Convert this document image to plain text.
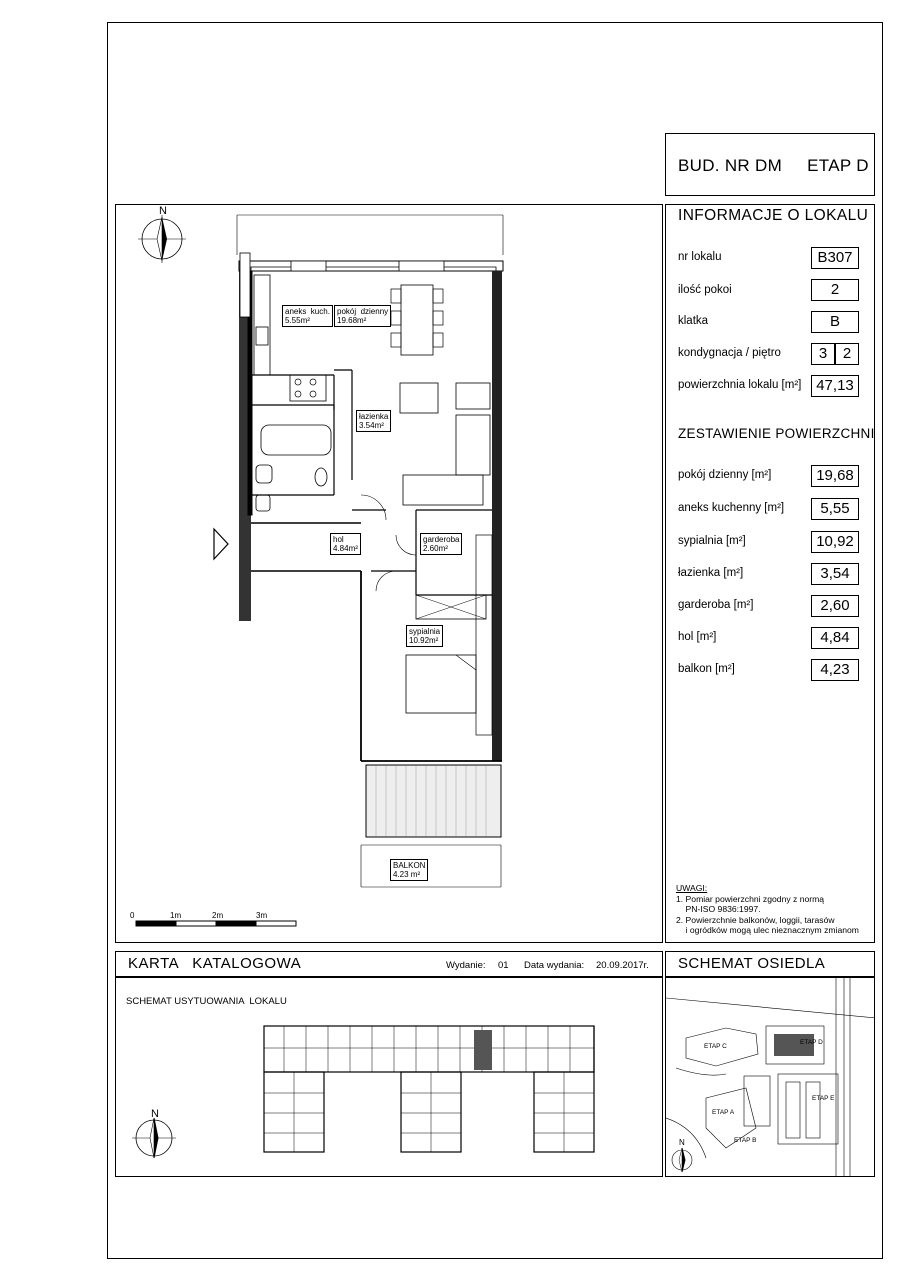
BUD. NR DM     ETAP D
N
aneks  kuch.
5.55m²
pokój  dzienny
19.68m²
łazienka
3.54m²
hol
4.84m²
garderoba
2.60m²
sypialnia
10.92m²
BALKON
4.23 m²
0	1m	2m	3m
INFORMACJE O LOKALU
nr lokalu	B307
ilość pokoi	2
klatka	B
kondygnacja / piętro	3	2
powierzchnia lokalu [m²] 47,13
ZESTAWIENIE POWIERZCHNI
pokój dzienny [m²]	19,68
aneks kuchenny [m²]	5,55
sypialnia [m²]	10,92
łazienka [m²]	3,54
garderoba [m²]	2,60
hol [m²]	4,84
balkon [m²]	4,23
UWAGI:
1. Pomiar powierzchni zgodny z normą
PN-ISO 9836:1997.
2. Powierzchnie balkonów, loggii, tarasów
i ogródków mogą ulec nieznacznym zmianom
KARTA   KATALOGOWA	Wydanie: 01 Data wydania: 20.09.2017r.
SCHEMAT USYTUOWANIA  LOKALU
N
SCHEMAT OSIEDLA
ETAP C
ETAP D
ETAP A
ETAP B
ETAP E
N
